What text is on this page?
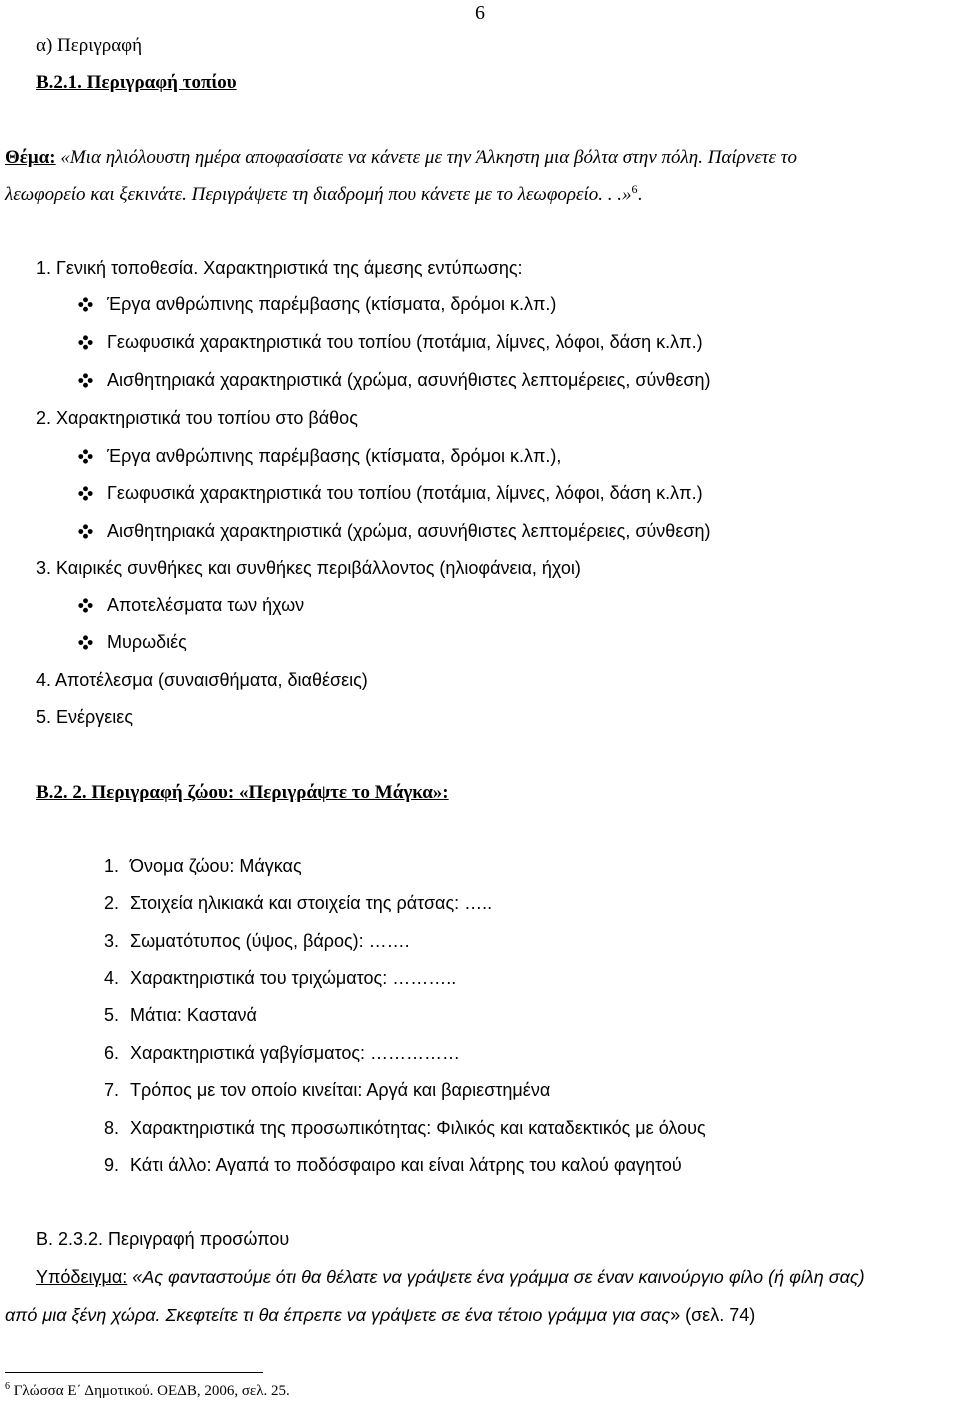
6
α) Περιγραφή
Β.2.1. Περιγραφή τοπίου
Θέμα: «Μια ηλιόλουστη ημέρα αποφασίσατε να κάνετε με την Άλκηστη μια βόλτα στην πόλη. Παίρνετε το
λεωφορείο και ξεκινάτε. Περιγράψετε τη διαδρομή που κάνετε με το λεωφορείο. . .»$^6$.
1. Γενική τοποθεσία. Χαρακτηριστικά της άμεσης εντύπωσης:
Έργα ανθρώπινης παρέμβασης (κτίσματα, δρόμοι κ.λπ.)
Γεωφυσικά χαρακτηριστικά του τοπίου (ποτάμια, λίμνες, λόφοι, δάση κ.λπ.)
Αισθητηριακά χαρακτηριστικά (χρώμα, ασυνήθιστες λεπτομέρειες, σύνθεση)
2. Χαρακτηριστικά του τοπίου στο βάθος
Έργα ανθρώπινης παρέμβασης (κτίσματα, δρόμοι κ.λπ.),
Γεωφυσικά χαρακτηριστικά του τοπίου (ποτάμια, λίμνες, λόφοι, δάση κ.λπ.)
Αισθητηριακά χαρακτηριστικά (χρώμα, ασυνήθιστες λεπτομέρειες, σύνθεση)
3. Καιρικές συνθήκες και συνθήκες περιβάλλοντος (ηλιοφάνεια, ήχοι)
Αποτελέσματα των ήχων
Μυρωδιές
4. Αποτέλεσμα (συναισθήματα, διαθέσεις)
5. Ενέργειες
Β.2. 2. Περιγραφή ζώου: «Περιγράψτε το Μάγκα»:
1. Όνομα ζώου: Μάγκας
2. Στοιχεία ηλικιακά και στοιχεία της ράτσας: …..
3. Σωματότυπος (ύψος, βάρος): …….
4. Χαρακτηριστικά του τριχώματος: ………..
5. Μάτια: Καστανά
6. Χαρακτηριστικά γαβγίσματος: ……………
7. Τρόπος με τον οποίο κινείται: Αργά και βαριεστημένα
8. Χαρακτηριστικά της προσωπικότητας: Φιλικός και καταδεκτικός με όλους
9. Κάτι άλλο: Αγαπά το ποδόσφαιρο και είναι λάτρης του καλού φαγητού
Β. 2.3.2. Περιγραφή προσώπου
Υπόδειγμα: «Ας φανταστούμε ότι θα θέλατε να γράψετε ένα γράμμα σε έναν καινούργιο φίλο (ή φίλη σας)
από μια ξένη χώρα. Σκεφτείτε τι θα έπρεπε να γράψετε σε ένα τέτοιο γράμμα για σας» (σελ. 74)
$^6$ Γλώσσα Ε΄ Δημοτικού. ΟΕΔΒ, 2006, σελ. 25.
